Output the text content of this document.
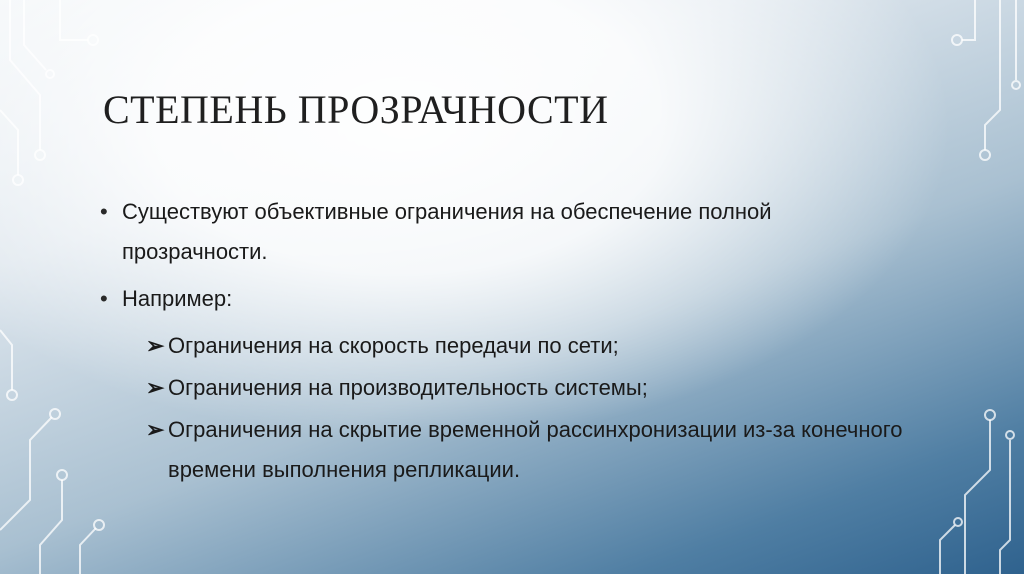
СТЕПЕНЬ ПРОЗРАЧНОСТИ
• Существуют объективные ограничения на обеспечение полной прозрачности.
• Например:
➢ Ограничения на скорость передачи по сети;
➢ Ограничения на производительность системы;
➢ Ограничения на скрытие временной рассинхронизации из-за конечного времени выполнения репликации.
